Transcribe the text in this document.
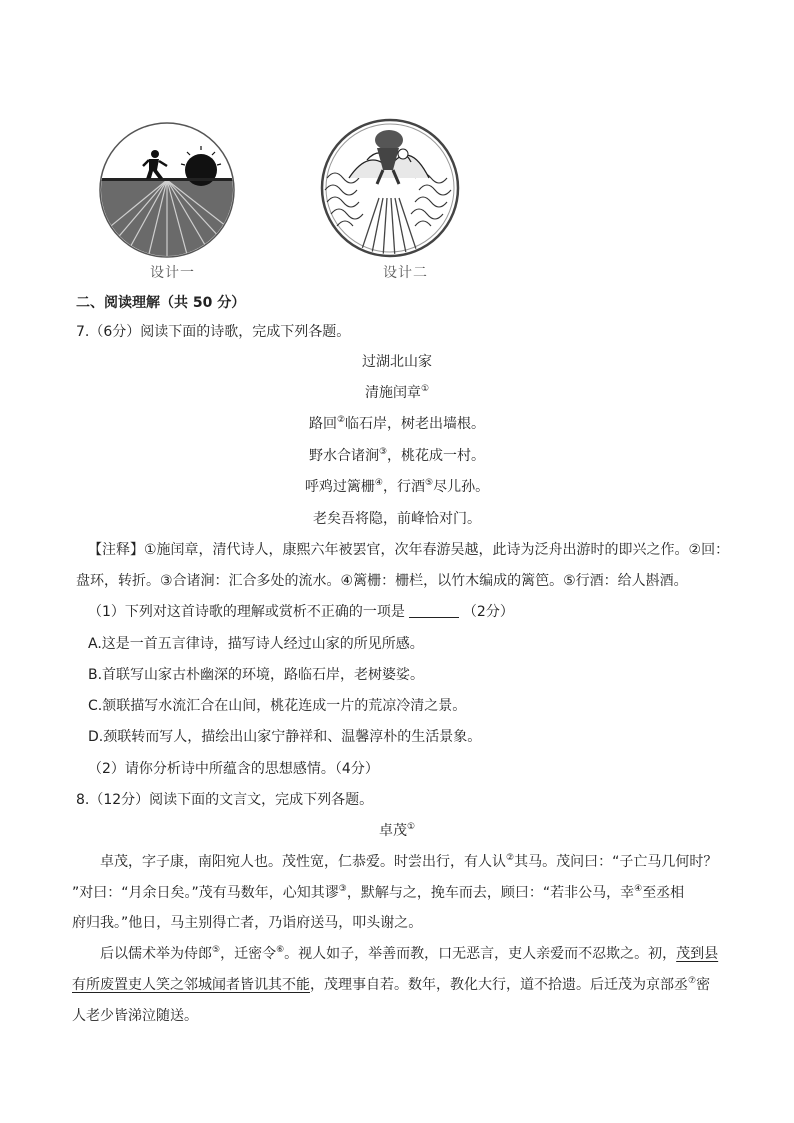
设计一	设计二
二、阅读理解（共 50 分）
7.（6分）阅读下面的诗歌，完成下列各题。
过湖北山家
清施闰章①
路回②临石岸，树老出墙根。
野水合诸涧③，桃花成一村。
呼鸡过篱栅④，行酒⑤尽儿孙。
老矣吾将隐，前峰恰对门。
【注释】①施闰章，清代诗人，康熙六年被罢官，次年春游吴越，此诗为泛舟出游时的即兴之作。②回：
盘环，转折。③合诸涧：汇合多处的流水。④篱栅：栅栏，以竹木编成的篱笆。⑤行酒：给人斟酒。
（1）下列对这首诗歌的理解或赏析不正确的一项是	（2分）
A.这是一首五言律诗，描写诗人经过山家的所见所感。
B.首联写山家古朴幽深的环境，路临石岸，老树婆娑。
C.颔联描写水流汇合在山间，桃花连成一片的荒凉冷清之景。
D.颈联转而写人，描绘出山家宁静祥和、温馨淳朴的生活景象。
（2）请你分析诗中所蕴含的思想感情。（4分）
8.（12分）阅读下面的文言文，完成下列各题。
卓茂①
卓茂，字子康，南阳宛人也。茂性宽，仁恭爱。时尝出行，有人认②其马。茂问曰：“子亡马几何时？
”对曰：“月余日矣。”茂有马数年，心知其谬③，默解与之，挽车而去，顾曰：“若非公马，幸④至丞相
府归我。”他日，马主别得亡者，乃诣府送马，叩头谢之。
后以儒术举为侍郎⑤，迁密令⑥。视人如子，举善而教，口无恶言，吏人亲爱而不忍欺之。初，茂到县
有所废置吏人笑之邻城闻者皆讥其不能，茂理事自若。数年，教化大行，道不拾遗。后迁茂为京部丞⑦密
人老少皆涕泣随送。
